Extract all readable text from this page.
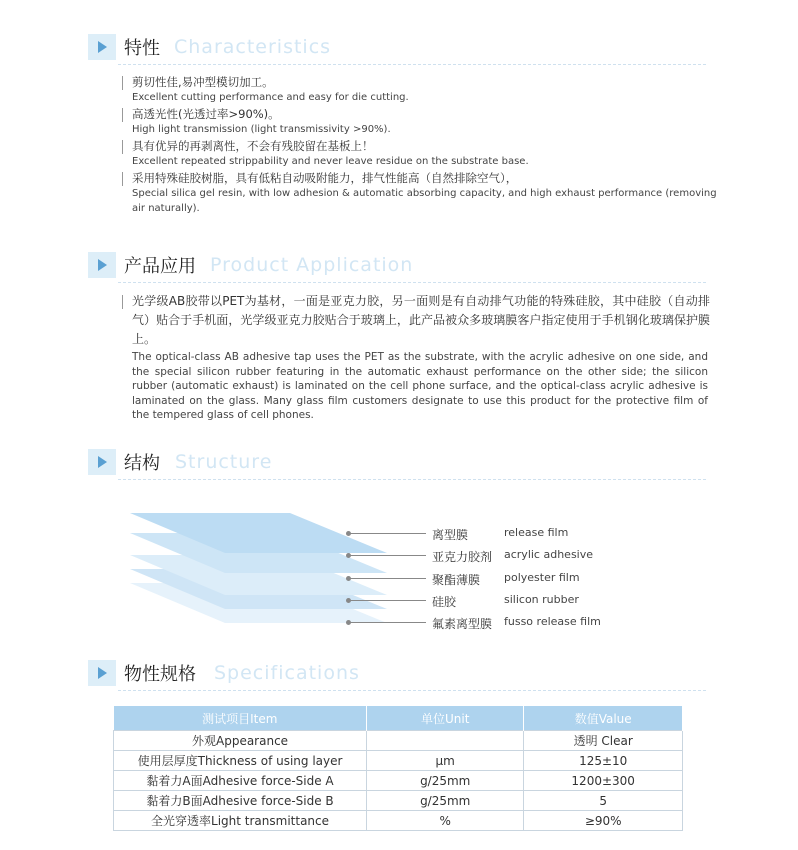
特性 Characteristics
剪切性佳,易冲型模切加工。
Excellent cutting performance and easy for die cutting.
高透光性(光透过率>90%)。
High light transmission (light transmissivity >90%).
具有优异的再剥离性，不会有残胶留在基板上！
Excellent repeated strippability and never leave residue on the substrate base.
采用特殊硅胶树脂，具有低粘自动吸附能力，排气性能高（自然排除空气），
Special silica gel resin, with low adhesion & automatic absorbing capacity, and high exhaust performance (removing air naturally).
产品应用 Product Application
光学级AB胶带以PET为基材，一面是亚克力胶，另一面则是有自动排气功能的特殊硅胶，其中硅胶（自动排气）贴合于手机面，光学级亚克力胶贴合于玻璃上，此产品被众多玻璃膜客户指定使用于手机钢化玻璃保护膜上。
The optical-class AB adhesive tap uses the PET as the substrate, with the acrylic adhesive on one side, and the special silicon rubber featuring in the automatic exhaust performance on the other side; the silicon rubber (automatic exhaust) is laminated on the cell phone surface, and the optical-class acrylic adhesive is laminated on the glass. Many glass film customers designate to use this product for the protective film of the tempered glass of cell phones.
结构 Structure
离型膜	release film
亚克力胶剂 acrylic adhesive
聚酯薄膜 polyester film
硅胶	silicon rubber
氟素离型膜 fusso release film
物性规格 Specifications
测试项目Item	单位Unit	数值Value
外观Appearance		透明 Clear
使用层厚度Thickness of using layer	μm	125±10
黏着力A面Adhesive force-Side A	g/25mm	1200±300
黏着力B面Adhesive force-Side B	g/25mm	5
全光穿透率Light transmittance	%	≥90%
